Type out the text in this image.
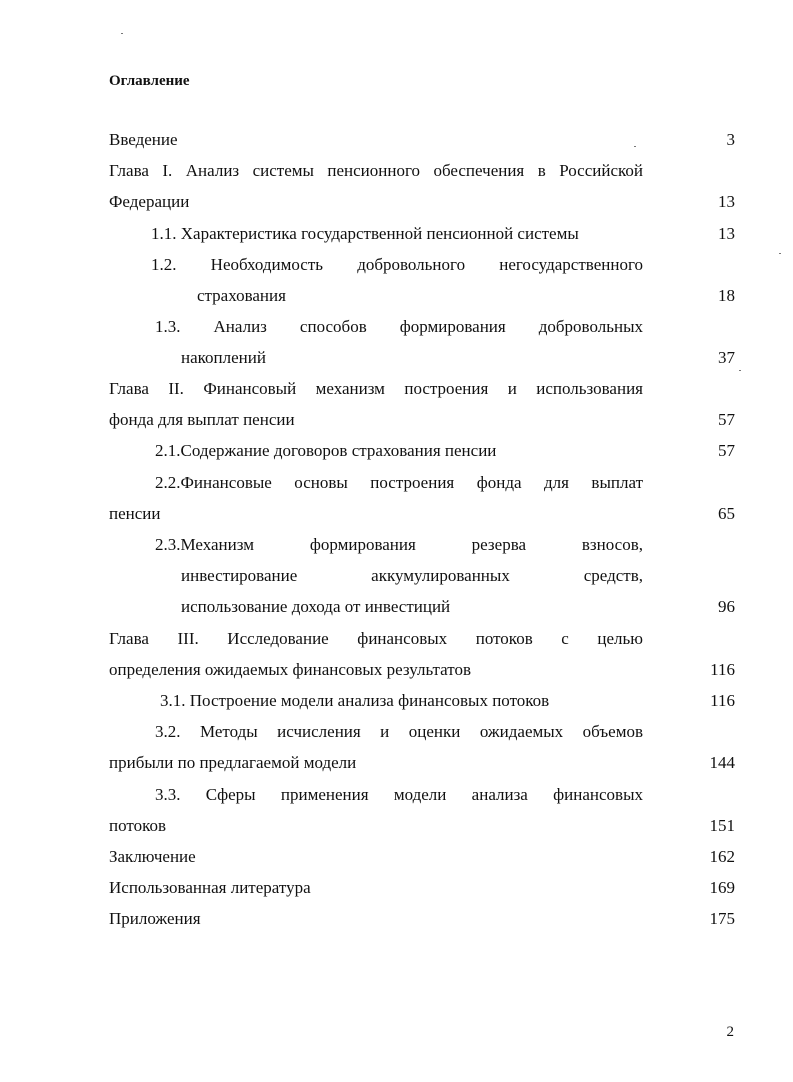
Оглавление
Введение	3
Глава I. Анализ системы пенсионного обеспечения в Российской
Федерации	13
1.1. Характеристика государственной пенсионной системы	13
1.2. Необходимость добровольного негосударственного
страхования	18
1.3. Анализ способов формирования добровольных
накоплений	37
Глава II. Финансовый механизм построения и использования
фонда для выплат пенсии	57
2.1.Содержание договоров страхования пенсии	57
2.2.Финансовые основы построения фонда для выплат
пенсии	65
2.3.Механизм формирования резерва взносов,
инвестирование аккумулированных средств,
использование дохода от инвестиций	96
Глава III. Исследование финансовых потоков с целью
определения ожидаемых финансовых результатов	116
3.1. Построение модели анализа финансовых потоков	116
3.2. Методы исчисления и оценки ожидаемых объемов
прибыли по предлагаемой модели	144
3.3. Сферы применения модели анализа финансовых
потоков	151
Заключение	162
Использованная литература	169
Приложения	175
2
